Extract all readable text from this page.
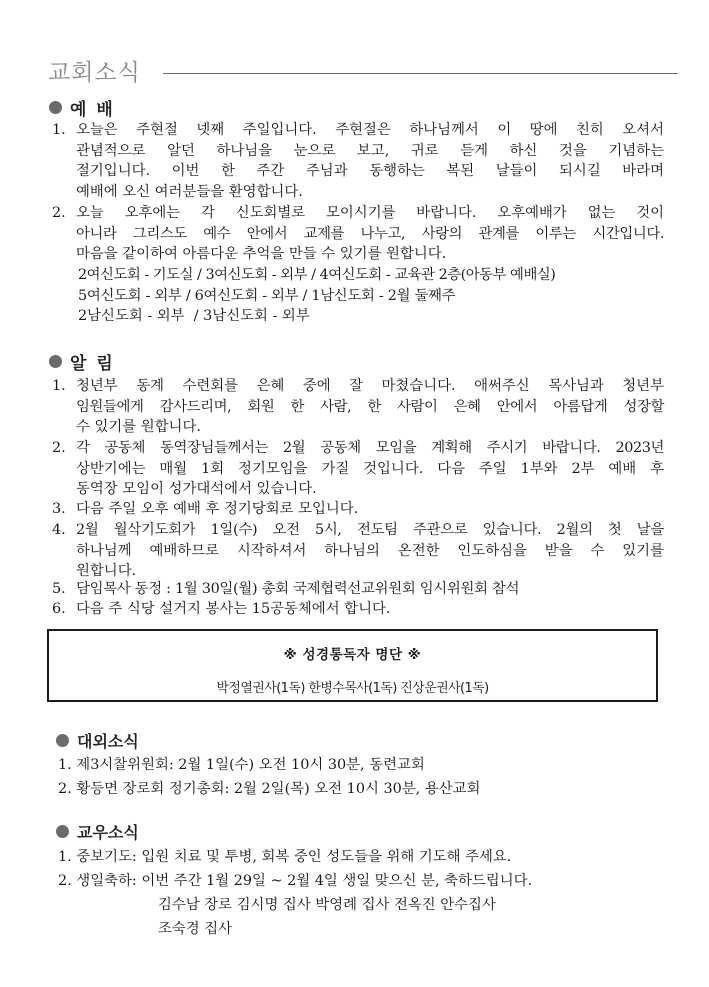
교회소식
예 배
1. 오늘은 주현절 넷째 주일입니다. 주현절은 하나님께서 이 땅에 친히 오셔서
관념적으로 알던 하나님을 눈으로 보고, 귀로 듣게 하신 것을 기념하는
절기입니다. 이번 한 주간 주님과 동행하는 복된 날들이 되시길 바라며
예배에 오신 여러분들을 환영합니다.
2. 오늘 오후에는 각 신도회별로 모이시기를 바랍니다. 오후예배가 없는 것이
아니라 그리스도 예수 안에서 교제를 나누고, 사랑의 관계를 이루는 시간입니다.
마음을 같이하여 아름다운 추억을 만들 수 있기를 원합니다.
2여신도회 - 기도실 / 3여신도회 - 외부 / 4여신도회 - 교육관 2층(아동부 예배실)
5여신도회 - 외부 / 6여신도회 - 외부 / 1남신도회 - 2월 둘째주
2남신도회 - 외부  / 3남신도회 - 외부
알 림
1. 청년부 동계 수련회를 은혜 중에 잘 마쳤습니다. 애써주신 목사님과 청년부
임원들에게 감사드리며, 회원 한 사람, 한 사람이 은혜 안에서 아름답게 성장할
수 있기를 원합니다.
2. 각 공동체 동역장님들께서는 2월 공동체 모임을 계획해 주시기 바랍니다. 2023년
상반기에는 매월 1회 정기모임을 가질 것입니다. 다음 주일 1부와 2부 예배 후
동역장 모임이 성가대석에서 있습니다.
3. 다음 주일 오후 예배 후 정기당회로 모입니다.
4. 2월 월삭기도회가 1일(수) 오전 5시, 전도팀 주관으로 있습니다. 2월의 첫 날을
하나님께 예배하므로 시작하셔서 하나님의 온전한 인도하심을 받을 수 있기를
원합니다.
5. 담임목사 동정 : 1월 30일(월) 총회 국제협력선교위원회 임시위원회 참석
6. 다음 주 식당 설거지 봉사는 15공동체에서 합니다.
※ 성경통독자 명단 ※
박정열권사(1독) 한병수목사(1독) 진상운권사(1독)
대외소식
1. 제3시찰위원회: 2월 1일(수) 오전 10시 30분, 동련교회
2. 황등면 장로회 정기총회: 2월 2일(목) 오전 10시 30분, 용산교회
교우소식
1. 중보기도: 입원 치료 및 투병, 회복 중인 성도들을 위해 기도해 주세요.
2. 생일축하: 이번 주간 1월 29일 ~ 2월 4일 생일 맞으신 분, 축하드립니다.
김수남 장로 김시명 집사 박영례 집사 전옥진 안수집사
조숙경 집사
